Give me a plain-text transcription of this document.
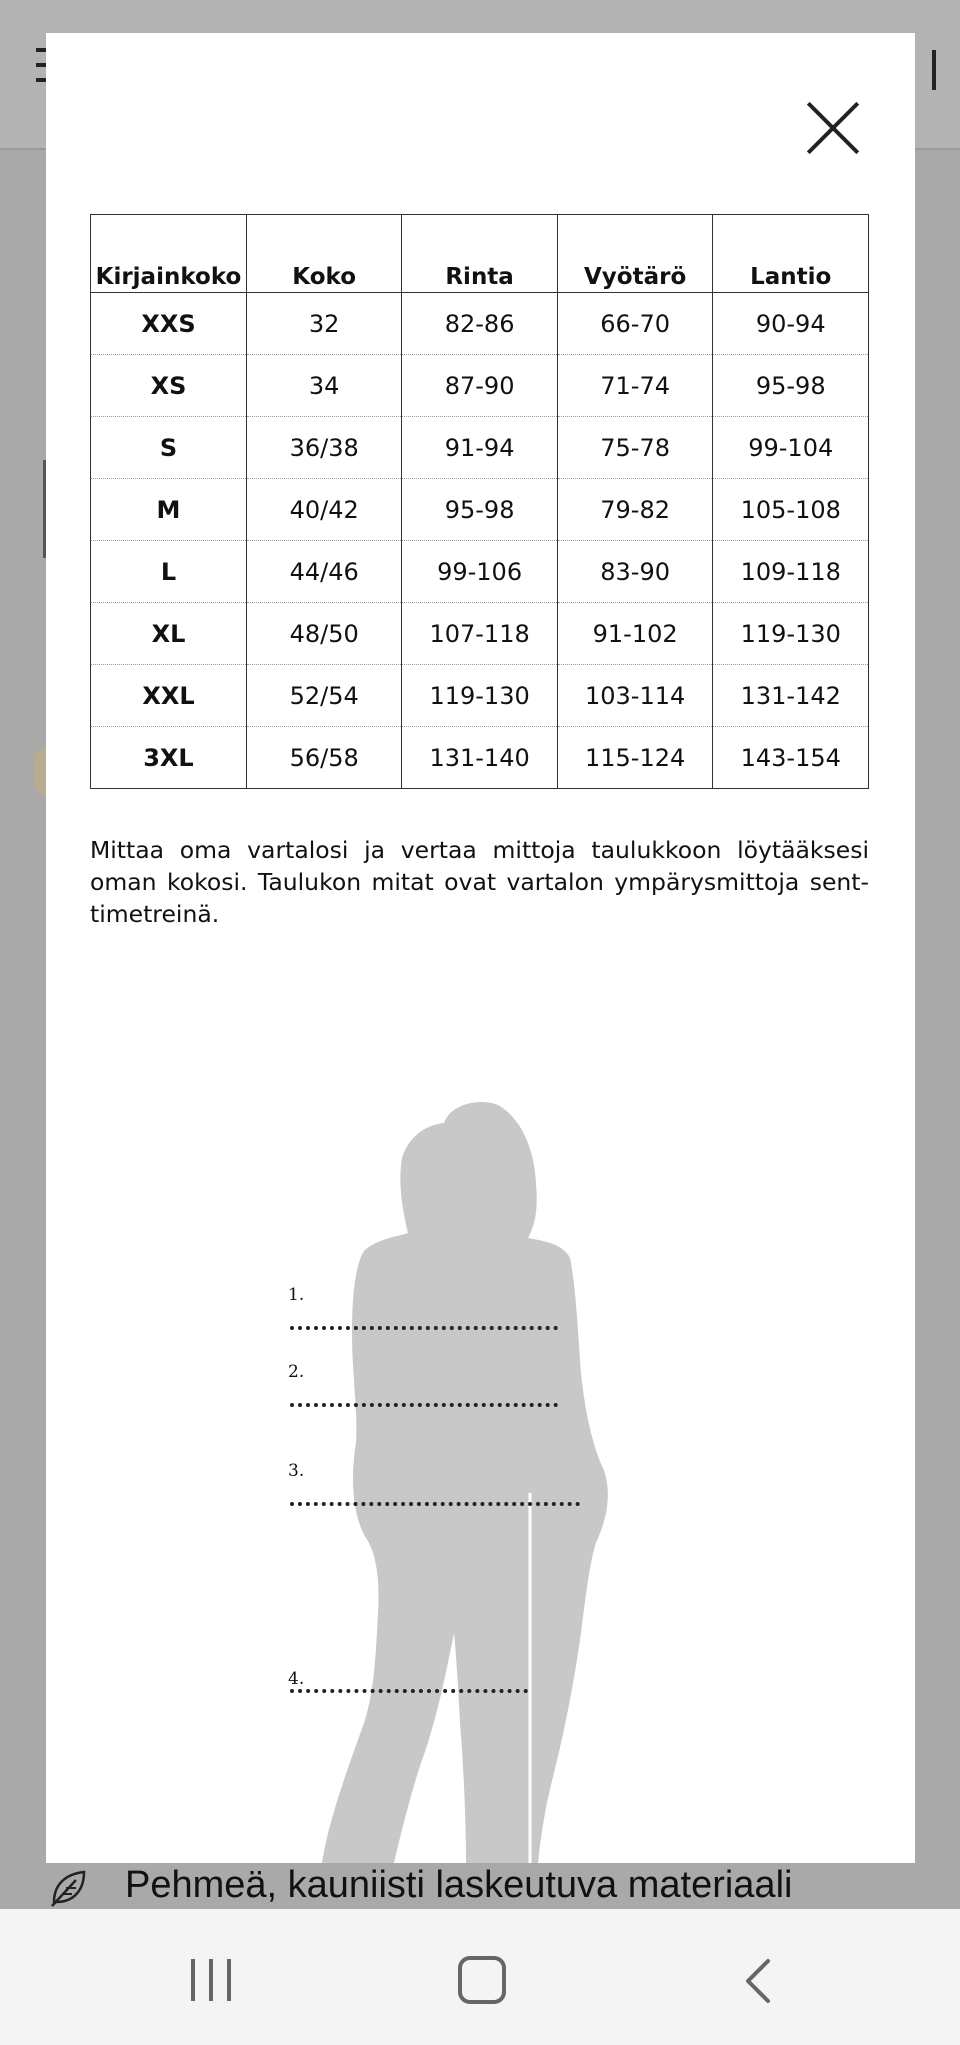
Kirjainkoko	Koko	Rinta	Vyötärö	Lantio
XXS	32	82-86	66-70	90-94
XS	34	87-90	71-74	95-98
S	36/38	91-94	75-78	99-104
M	40/42	95-98	79-82	105-108
L	44/46	99-106	83-90	109-118
XL	48/50	107-118	91-102	119-130
XXL	52/54	119-130	103-114	131-142
3XL	56/58	131-140	115-124	143-154

Mittaa oma vartalosi ja vertaa mittoja taulukkoon löytääksesi oman kokosi. Taulukon mitat ovat vartalon ympärysmittoja sent-timetreinä.

1.
2.
3.
4.
Pehmeä, kauniisti laskeutuva materiaali
